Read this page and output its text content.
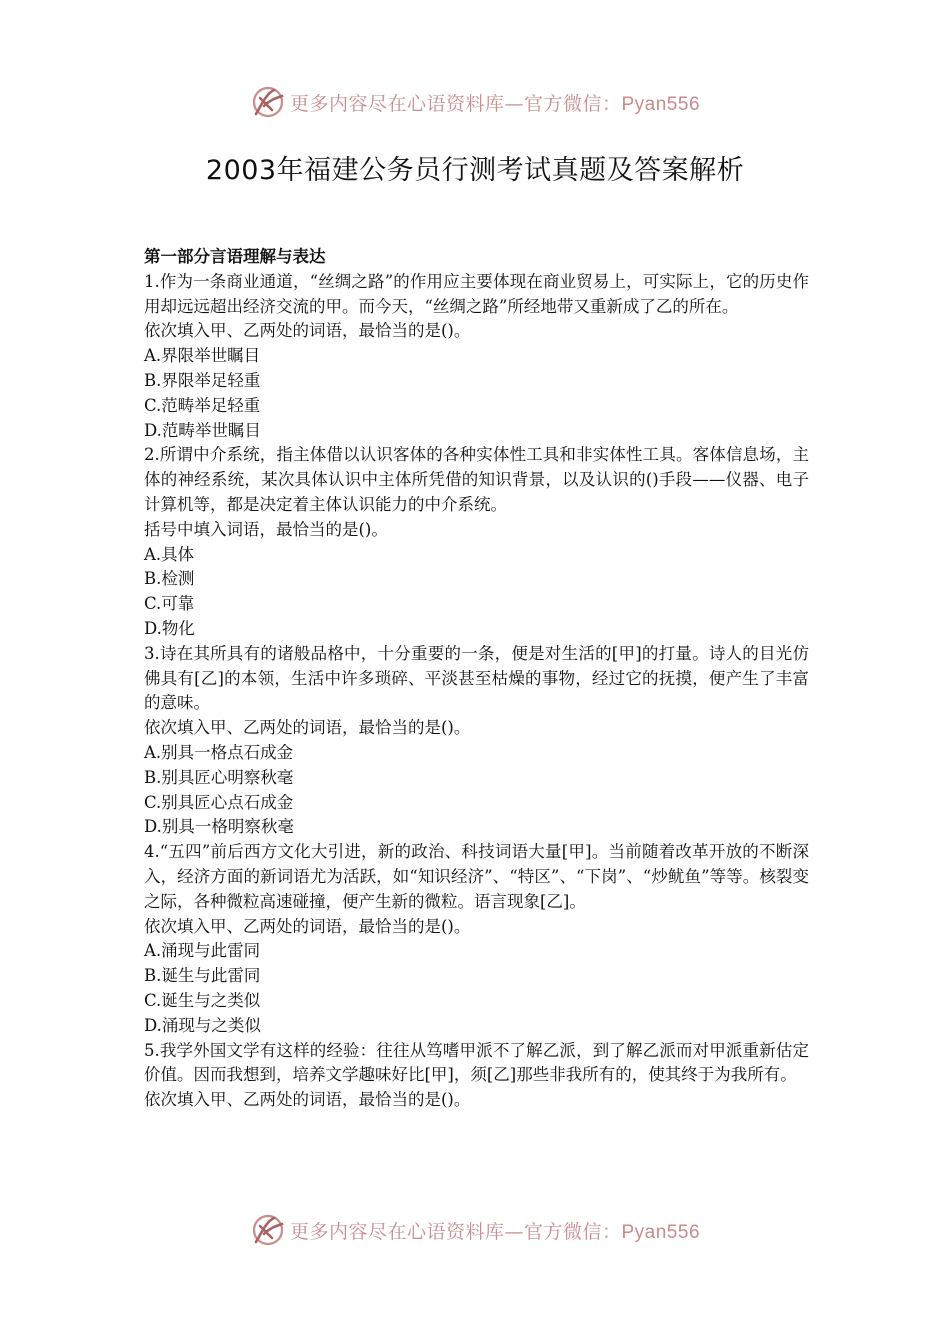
更多内容尽在心语资料库—官方微信：Pyan556
2003年福建公务员行测考试真题及答案解析

第一部分言语理解与表达

1.作为一条商业通道，“丝绸之路”的作用应主要体现在商业贸易上，可实际上，它的历史作用却远远超出经济交流的甲。而今天，“丝绸之路”所经地带又重新成了乙的所在。

依次填入甲、乙两处的词语，最恰当的是()。

A.界限举世瞩目

B.界限举足轻重

C.范畴举足轻重

D.范畴举世瞩目

2.所谓中介系统，指主体借以认识客体的各种实体性工具和非实体性工具。客体信息场，主体的神经系统，某次具体认识中主体所凭借的知识背景，以及认识的()手段——仪器、电子计算机等，都是决定着主体认识能力的中介系统。

括号中填入词语，最恰当的是()。

A.具体

B.检测

C.可靠

D.物化

3.诗在其所具有的诸般品格中，十分重要的一条，便是对生活的[甲]的打量。诗人的目光仿佛具有[乙]的本领，生活中许多琐碎、平淡甚至枯燥的事物，经过它的抚摸，便产生了丰富的意味。

依次填入甲、乙两处的词语，最恰当的是()。

A.别具一格点石成金

B.别具匠心明察秋毫

C.别具匠心点石成金

D.别具一格明察秋毫

4.“五四”前后西方文化大引进，新的政治、科技词语大量[甲]。当前随着改革开放的不断深入，经济方面的新词语尤为活跃，如“知识经济”、“特区”、“下岗”、“炒鱿鱼”等等。核裂变之际，各种微粒高速碰撞，便产生新的微粒。语言现象[乙]。

依次填入甲、乙两处的词语，最恰当的是()。

A.涌现与此雷同

B.诞生与此雷同

C.诞生与之类似

D.涌现与之类似

5.我学外国文学有这样的经验：往往从笃嗜甲派不了解乙派，到了解乙派而对甲派重新估定价值。因而我想到，培养文学趣味好比[甲]，须[乙]那些非我所有的，使其终于为我所有。

依次填入甲、乙两处的词语，最恰当的是()。

更多内容尽在心语资料库—官方微信：Pyan556
